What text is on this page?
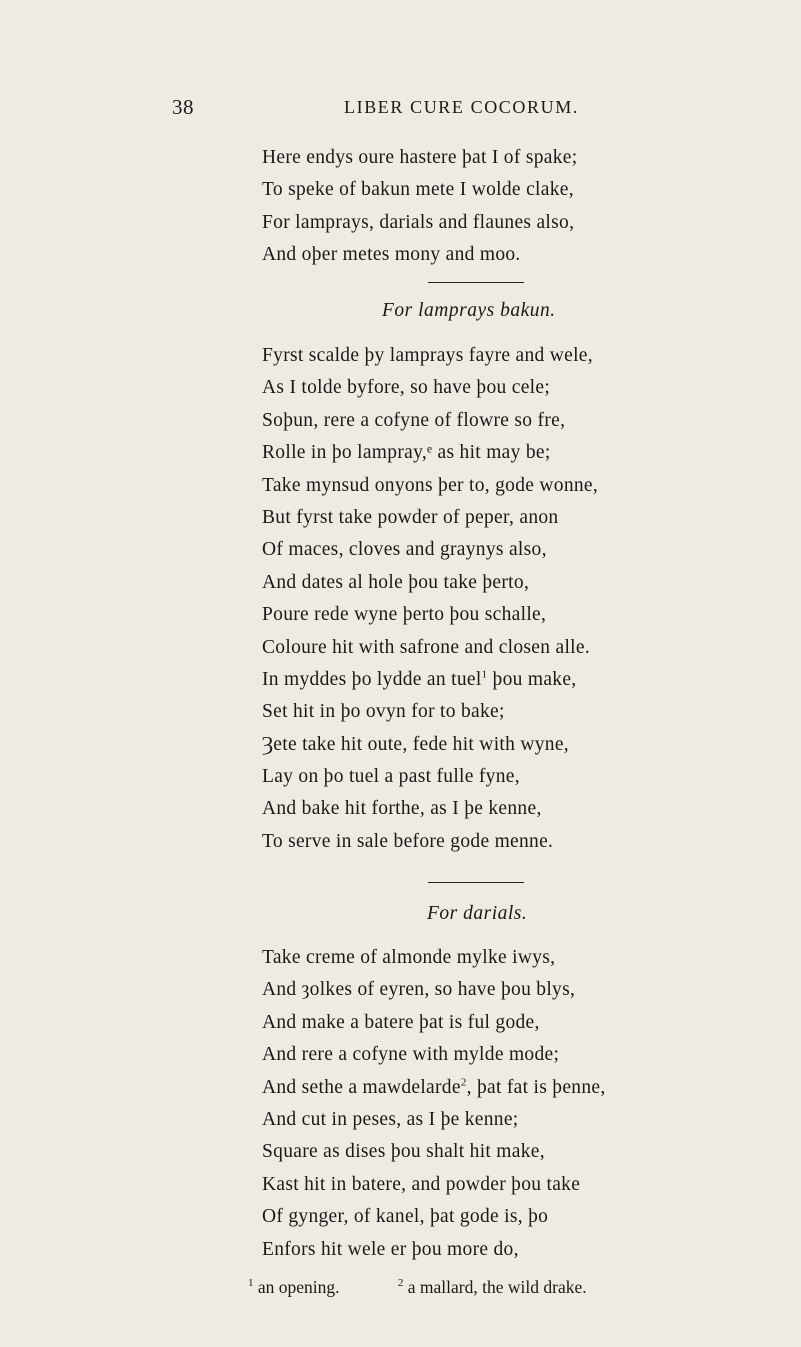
38	LIBER CURE COCORUM.
Here endys oure hastere þat I of spake;
To speke of bakun mete I wolde clake,
For lamprays, darials and flaunes also,
And oþer metes mony and moo.
For lamprays bakun.
Fyrst scalde þy lamprays fayre and wele,
As I tolde byfore, so have þou cele;
Soþun, rere a cofyne of flowre so fre,
Rolle in þo lampray,ᵉ as hit may be;
Take mynsud onyons þer to, gode wonne,
But fyrst take powder of peper, anon
Of maces, cloves and graynys also,
And dates al hole þou take þerto,
Poure rede wyne þerto þou schalle,
Coloure hit with safrone and closen alle.
In myddes þo lydde an tuel$^1$ þou make,
Set hit in þo ovyn for to bake;
Ȝete take hit oute, fede hit with wyne,
Lay on þo tuel a past fulle fyne,
And bake hit forthe, as I þe kenne,
To serve in sale before gode menne.
For darials.
Take creme of almonde mylke iwys,
And ȝolkes of eyren, so have þou blys,
And make a batere þat is ful gode,
And rere a cofyne with mylde mode;
And sethe a mawdelarde$^2$, þat fat is þenne,
And cut in peses, as I þe kenne;
Square as dises þou shalt hit make,
Kast hit in batere, and powder þou take
Of gynger, of kanel, þat gode is, þo
Enfors hit wele er þou more do,
$^1$ an opening.	$^2$ a mallard, the wild drake.
